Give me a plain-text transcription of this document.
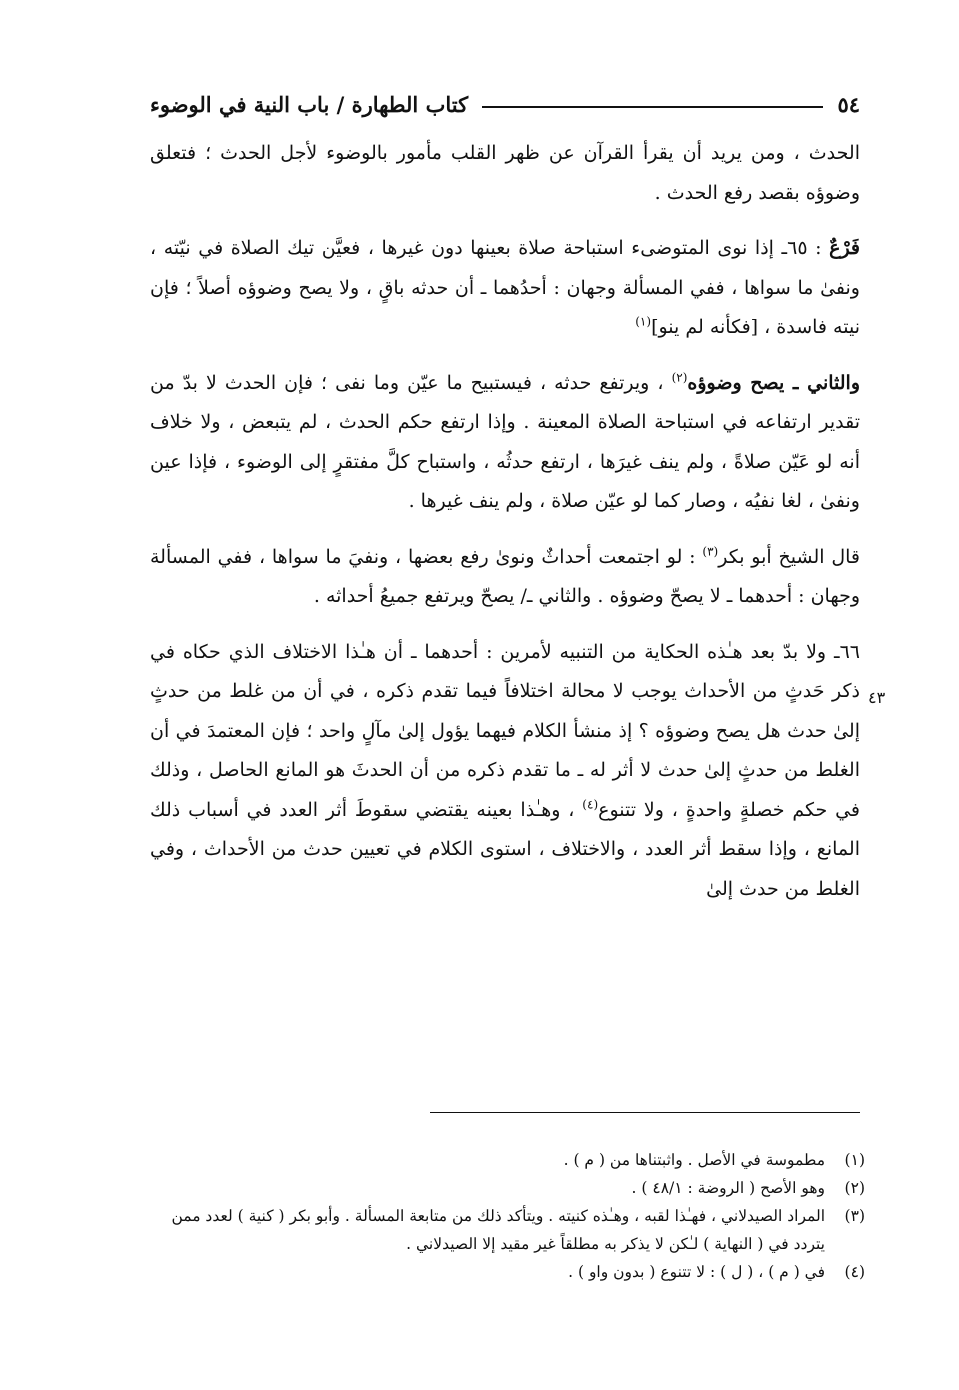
٥٤
كتاب الطهارة / باب النية في الوضوء

الحدث ، ومن يريد أن يقرأ القرآن عن ظهر القلب مأمور بالوضوء لأجل الحدث ؛ فتعلق وضوؤه بقصد رفع الحدث .

فَرْعٌ : ٦٥ـ إذا نوى المتوضىء استباحة صلاة بعينها دون غيرها ، فعيَّن تيك الصلاة في نيّته ، ونفىٰ ما سواها ، ففي المسألة وجهان : أحدُهما ـ أن حدثه باقٍ ، ولا يصح وضوؤه أصلاً ؛ فإن نيته فاسدة ، [فكأنه لم ينو]$^{(١)}$

والثاني ـ يصح وضوؤه$^{(٢)}$ ، ويرتفع حدثه ، فيستبيح ما عيّن وما نفى ؛ فإن الحدث لا بدّ من تقدير ارتفاعه في استباحة الصلاة المعينة . وإذا ارتفع حكم الحدث ، لم يتبعض ، ولا خلاف أنه لو عَيّن صلاةً ، ولم ينف غيرَها ، ارتفع حدثُه ، واستباح كلَّ مفتقرٍ إلى الوضوء ، فإذا عين ونفىٰ ، لغا نفيُه ، وصار كما لو عيّن صلاة ، ولم ينف غيرها .

قال الشيخ أبو بكر$^{(٣)}$ : لو اجتمعت أحداثٌ ونوىٰ رفع بعضها ، ونفيَ ما سواها ، ففي المسألة وجهان : أحدهما ـ لا يصحّ وضوؤه . والثاني ـ/ يصحّ ويرتفع جميعُ أحداثه .

٦٦ـ ولا بدّ بعد هـٰذه الحكاية من التنبيه لأمرين : أحدهما ـ أن هـٰذا الاختلاف الذي حكاه في ذكر حَدثٍ من الأحداث يوجب لا محالة اختلافاً فيما تقدم ذكره ، في أن من غلط من حدثٍ إلىٰ حدث هل يصح وضوؤه ؟ إذ منشأ الكلام فيهما يؤول إلىٰ مآلٍ واحد ؛ فإن المعتمدَ في أن الغلط من حدثٍ إلىٰ حدث لا أثر له ـ ما تقدم ذكره من أن الحدثَ هو المانع الحاصل ، وذلك في حكم خصلةٍ واحدةٍ ، ولا تتنوع$^{(٤)}$ ، وهـٰذا بعينه يقتضي سقوطَ أثر العدد في أسباب ذلك المانع ، وإذا سقط أثر العدد ، والاختلاف ، استوى الكلام في تعيين حدث من الأحداث ، وفي الغلط من حدث إلىٰ

٤٣
(١)
مطموسة في الأصل . واثبتناها من ( م ) .
(٢)
وهو الأصح ( الروضة : ٤٨/١ ) .
(٣)
المراد الصيدلاني ، فهـٰذا لقبه ، وهـٰذه كنيته . ويتأكد ذلك من متابعة المسألة . وأبو بكر ( كنية ) لعدد ممن يتردد في ( النهاية ) لـٰكن لا يذكر به مطلقاً غير مقيد إلا الصيدلاني .
(٤)
في ( م ) ، ( ل ) : لا تتنوع ( بدون واو ) .
